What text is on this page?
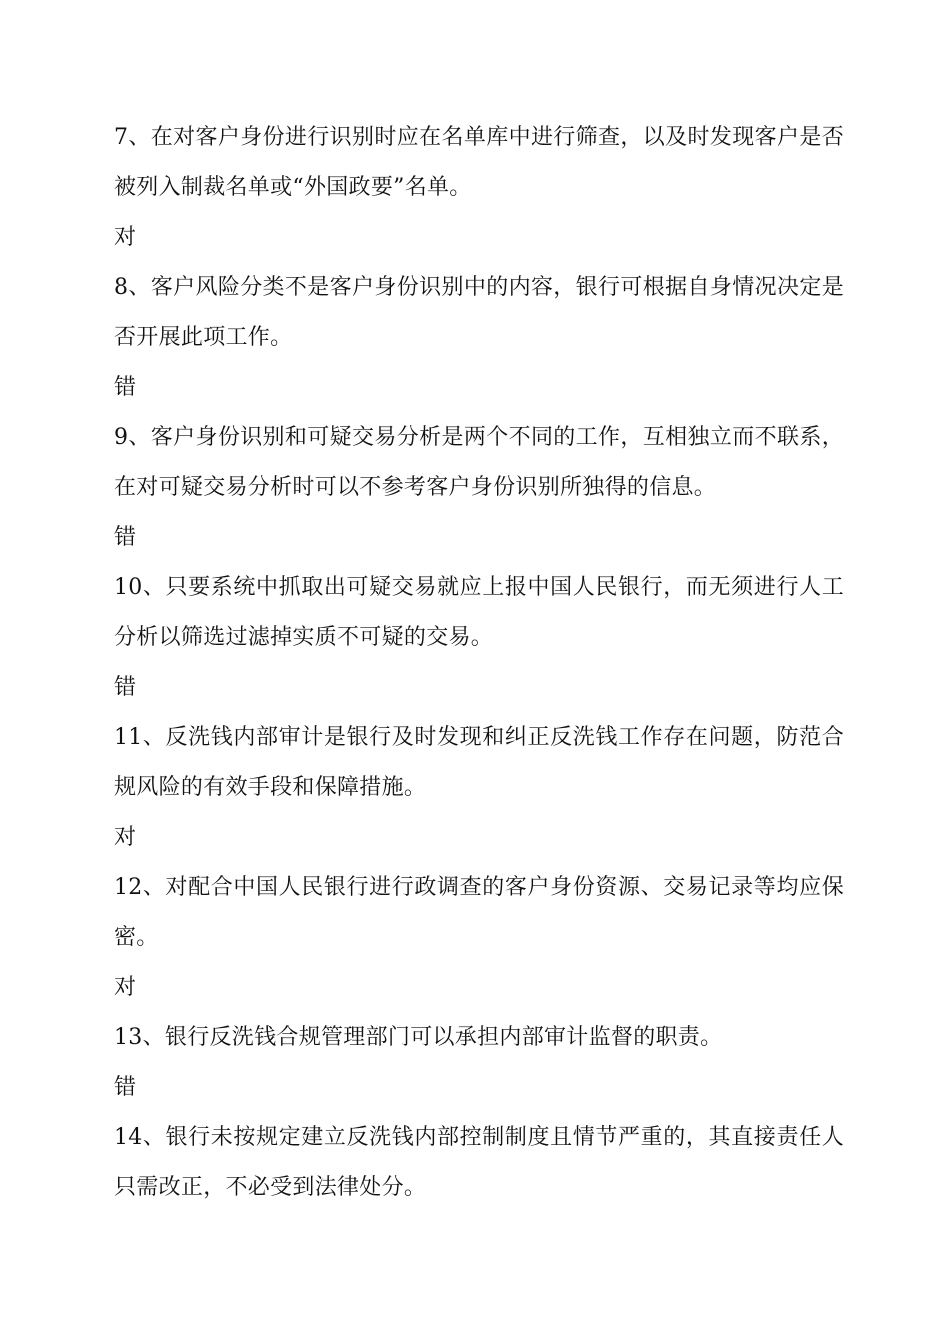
7、在对客户身份进行识别时应在名单库中进行筛查，以及时发现客户是否被列入制裁名单或“外国政要”名单。

对

8、客户风险分类不是客户身份识别中的内容，银行可根据自身情况决定是否开展此项工作。

错

9、客户身份识别和可疑交易分析是两个不同的工作，互相独立而不联系，在对可疑交易分析时可以不参考客户身份识别所独得的信息。

错

10、只要系统中抓取出可疑交易就应上报中国人民银行，而无须进行人工分析以筛选过滤掉实质不可疑的交易。

错

11、反洗钱内部审计是银行及时发现和纠正反洗钱工作存在问题，防范合规风险的有效手段和保障措施。

对

12、对配合中国人民银行进行政调查的客户身份资源、交易记录等均应保密。

对

13、银行反洗钱合规管理部门可以承担内部审计监督的职责。

错

14、银行未按规定建立反洗钱内部控制制度且情节严重的，其直接责任人只需改正，不必受到法律处分。
